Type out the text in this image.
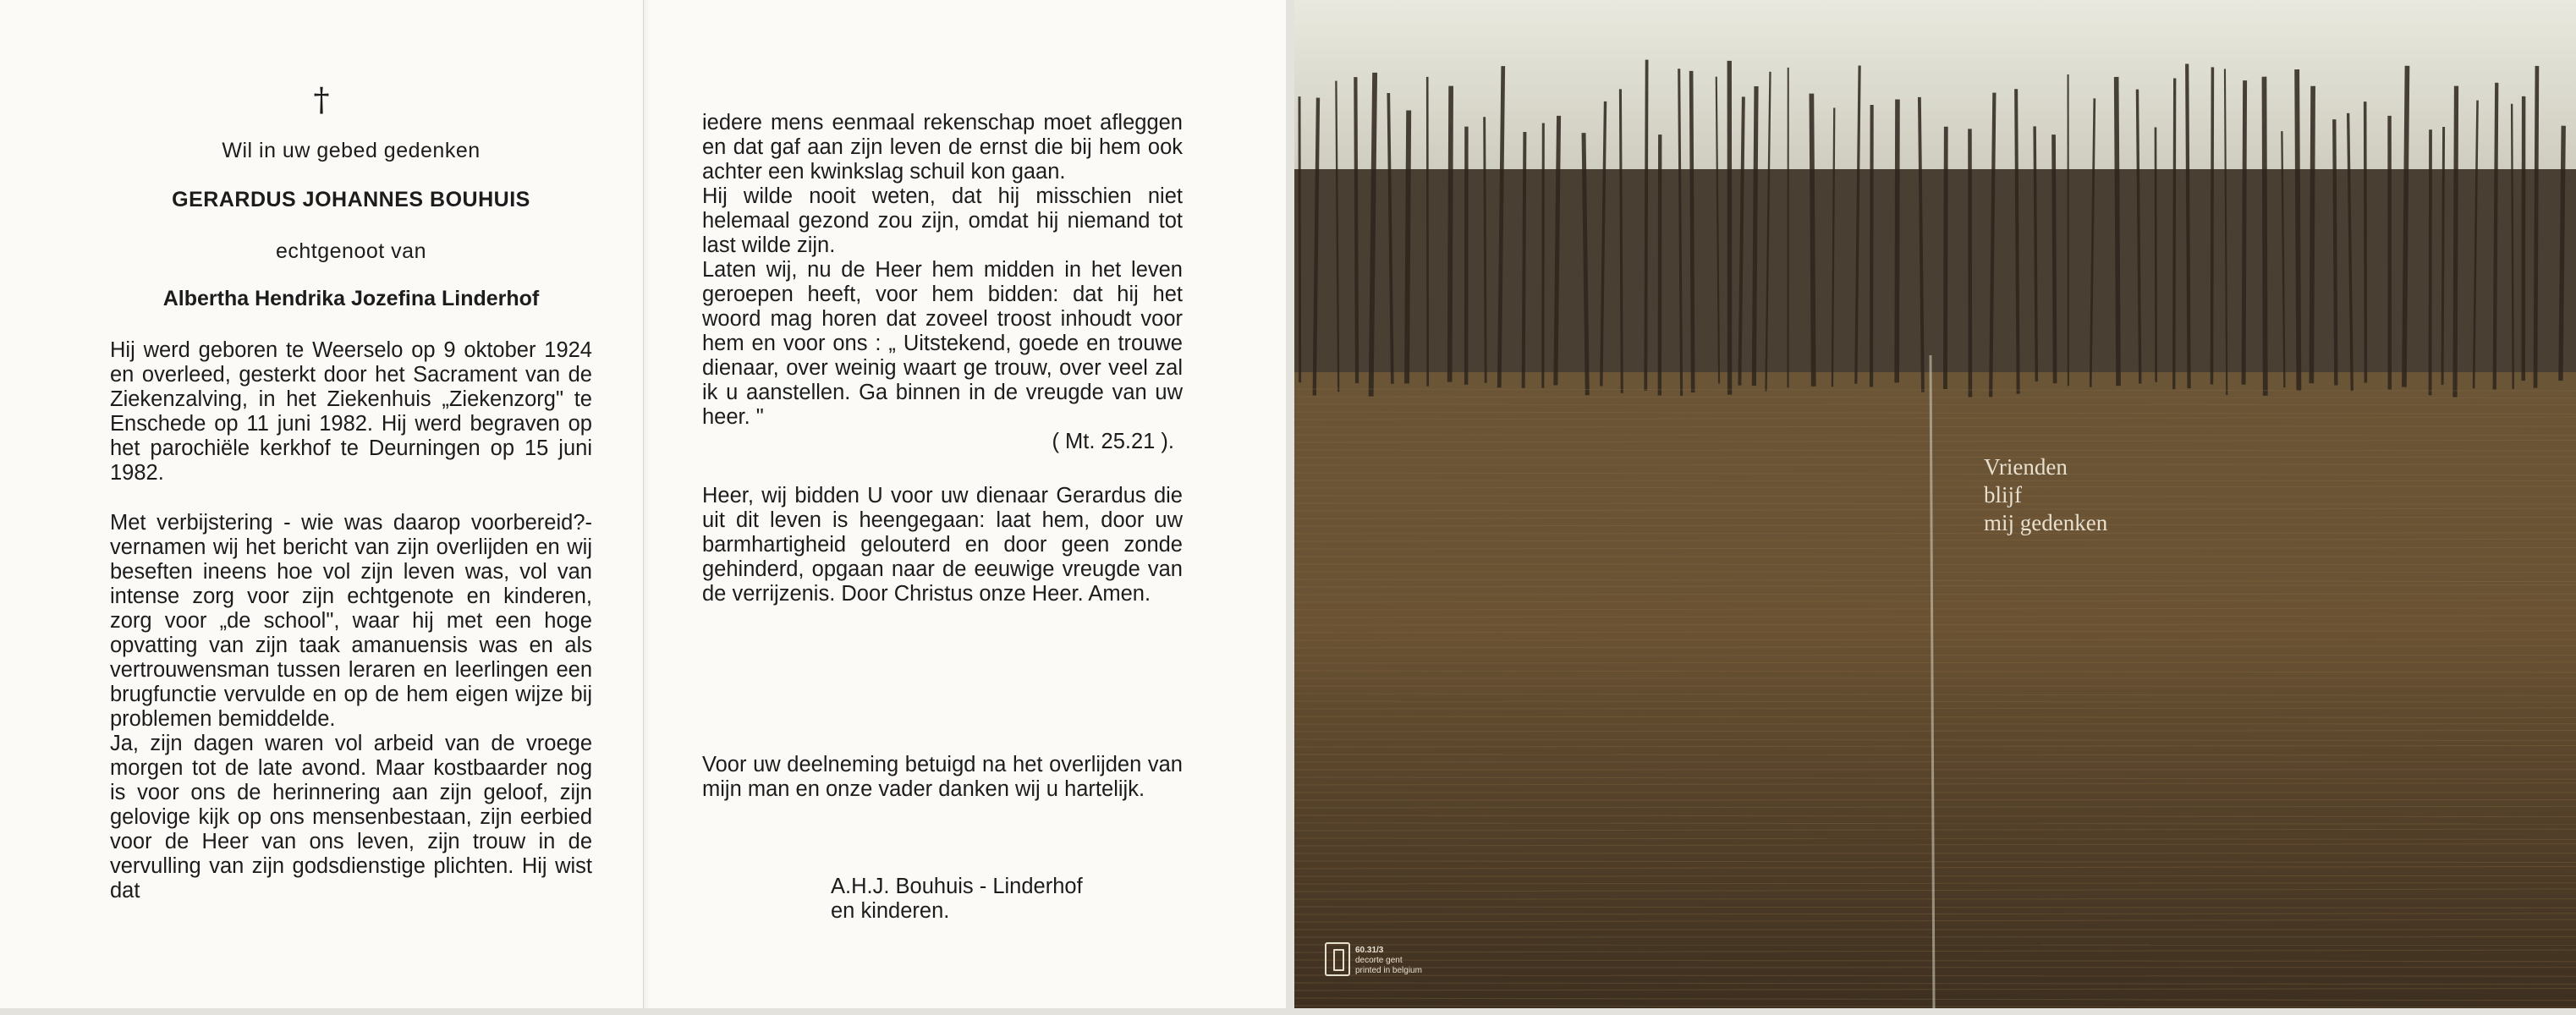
†
Wil in uw gebed gedenken
GERARDUS JOHANNES BOUHUIS
echtgenoot van
Albertha Hendrika Jozefina Linderhof
Hij werd geboren te Weerselo op 9 oktober 1924 en overleed, gesterkt door het Sacrament van de Ziekenzalving, in het Ziekenhuis „Ziekenzorg" te Enschede op 11 juni 1982. Hij werd begraven op het parochiële kerkhof te Deurningen op 15 juni 1982.
Met verbijstering - wie was daarop voorbereid?- vernamen wij het bericht van zijn overlijden en wij beseften ineens hoe vol zijn leven was, vol van intense zorg voor zijn echtgenote en kinderen, zorg voor „de school", waar hij met een hoge opvatting van zijn taak amanuensis was en als vertrouwensman tussen leraren en leerlingen een brugfunctie vervulde en op de hem eigen wijze bij problemen bemiddelde.
Ja, zijn dagen waren vol arbeid van de vroege morgen tot de late avond. Maar kostbaarder nog is voor ons de herinnering aan zijn geloof, zijn gelovige kijk op ons mensenbestaan, zijn eerbied voor de Heer van ons leven, zijn trouw in de vervulling van zijn godsdienstige plichten. Hij wist dat

iedere mens eenmaal rekenschap moet afleggen en dat gaf aan zijn leven de ernst die bij hem ook achter een kwinkslag schuil kon gaan.
Hij wilde nooit weten, dat hij misschien niet helemaal gezond zou zijn, omdat hij niemand tot last wilde zijn.
Laten wij, nu de Heer hem midden in het leven geroepen heeft, voor hem bidden: dat hij het woord mag horen dat zoveel troost inhoudt voor hem en voor ons : „ Uitstekend, goede en trouwe dienaar, over weinig waart ge trouw, over veel zal ik u aanstellen. Ga binnen in de vreugde van uw heer. "

( Mt. 25.21 ).

Heer, wij bidden U voor uw dienaar Gerardus die uit dit leven is heengegaan: laat hem, door uw barmhartigheid gelouterd en door geen zonde gehinderd, opgaan naar de eeuwige vreugde van de verrijzenis. Door Christus onze Heer. Amen.
Voor uw deelneming betuigd na het overlijden van mijn man en onze vader danken wij u hartelijk.
A.H.J. Bouhuis - Linderhof
en kinderen.
Vrienden
blijf
mij gedenken
60.31/3
decorte gent
printed in belgium
